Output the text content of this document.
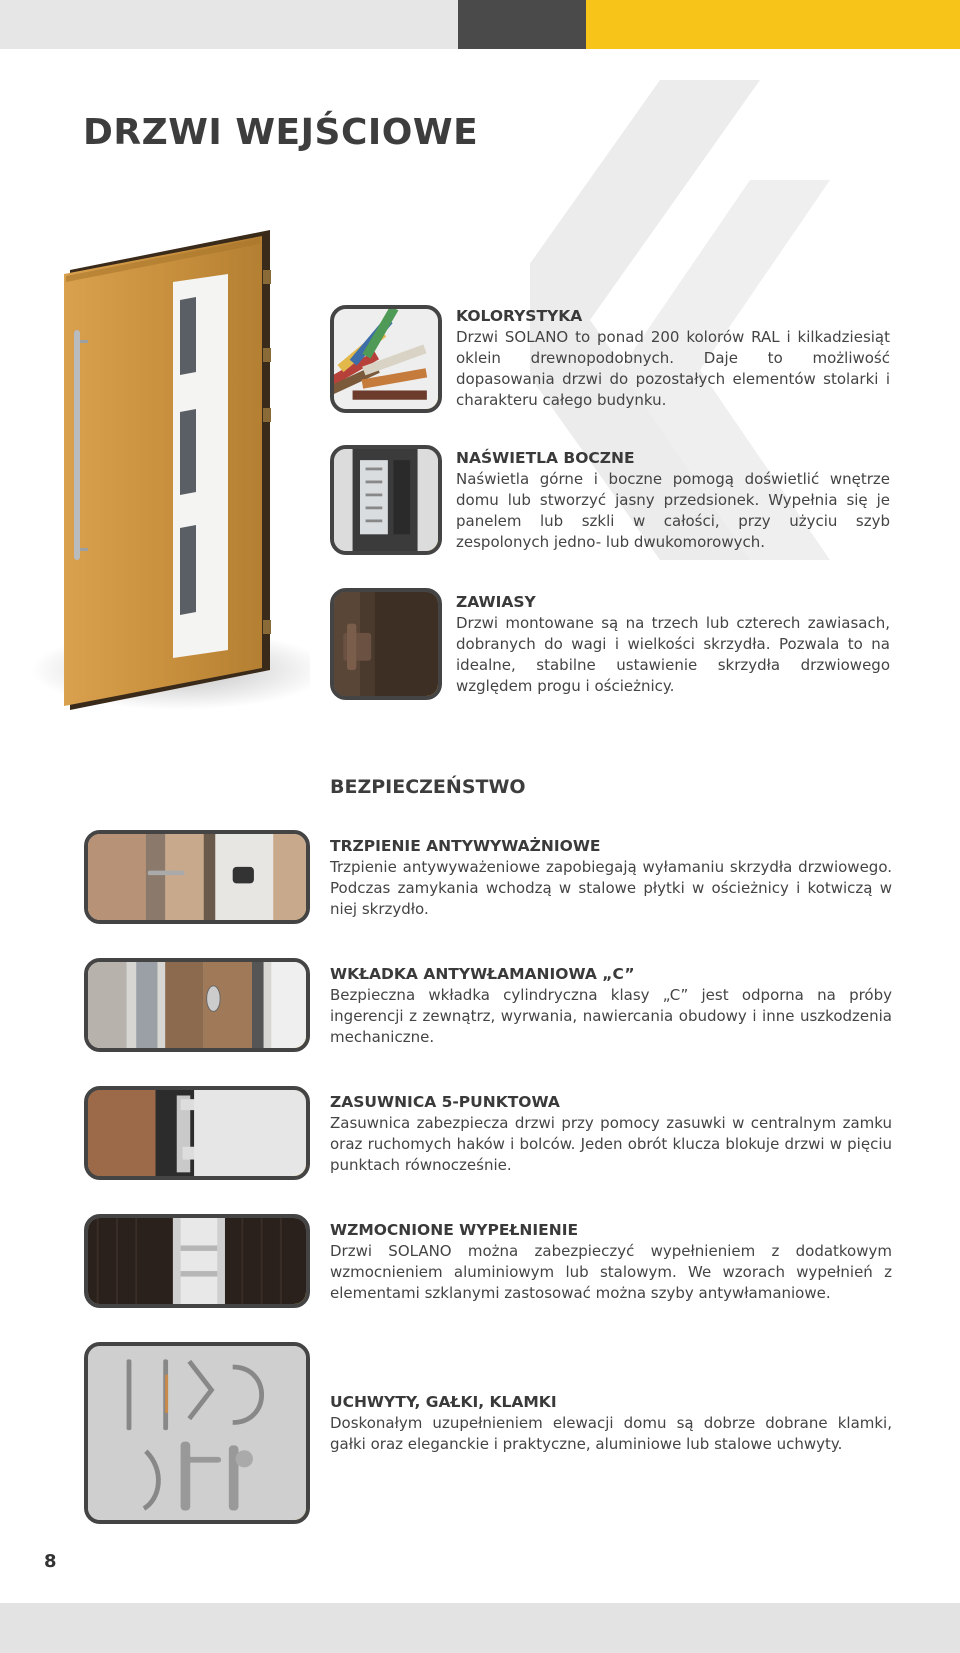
DRZWI WEJŚCIOWE
KOLORYSTYKA

Drzwi SOLANO to ponad 200 kolorów RAL i kilkadziesiąt oklein drewnopodobnych. Daje to możliwość dopasowania drzwi do pozostałych elementów stolarki i charakteru całego budynku.

NAŚWIETLA BOCZNE

Naświetla górne i boczne pomogą doświetlić wnętrze domu lub stworzyć jasny przedsionek. Wypełnia się je panelem lub szkli w całości, przy użyciu szyb zespolonych jedno- lub dwukomorowych.

ZAWIASY

Drzwi montowane są na trzech lub czterech zawiasach, dobranych do wagi i wielkości skrzydła. Pozwala to na idealne, stabilne ustawienie skrzydła drzwiowego względem progu i ościeżnicy.

BEZPIECZEŃSTWO
TRZPIENIE ANTYWYWAŻNIOWE

Trzpienie antywyważeniowe zapobiegają wyłamaniu skrzydła drzwiowego. Podczas zamykania wchodzą w stalowe płytki w ościeżnicy i kotwiczą w niej skrzydło.

WKŁADKA ANTYWŁAMANIOWA „C”

Bezpieczna wkładka cylindryczna klasy „C” jest odporna na próby ingerencji z zewnątrz, wyrwania, nawiercania obudowy i inne uszkodzenia mechaniczne.

ZASUWNICA 5-PUNKTOWA

Zasuwnica zabezpiecza drzwi przy pomocy zasuwki w centralnym zamku oraz ruchomych haków i bolców. Jeden obrót klucza blokuje drzwi w pięciu punktach równocześnie.

WZMOCNIONE WYPEŁNIENIE

Drzwi SOLANO można zabezpieczyć wypełnieniem z dodatkowym wzmocnieniem aluminiowym lub stalowym. We wzorach wypełnień z elementami szklanymi zastosować można szyby antywłamaniowe.

UCHWYTY, GAŁKI, KLAMKI

Doskonałym uzupełnieniem elewacji domu są dobrze dobrane klamki, gałki oraz eleganckie i praktyczne, aluminiowe lub stalowe uchwyty.

8
